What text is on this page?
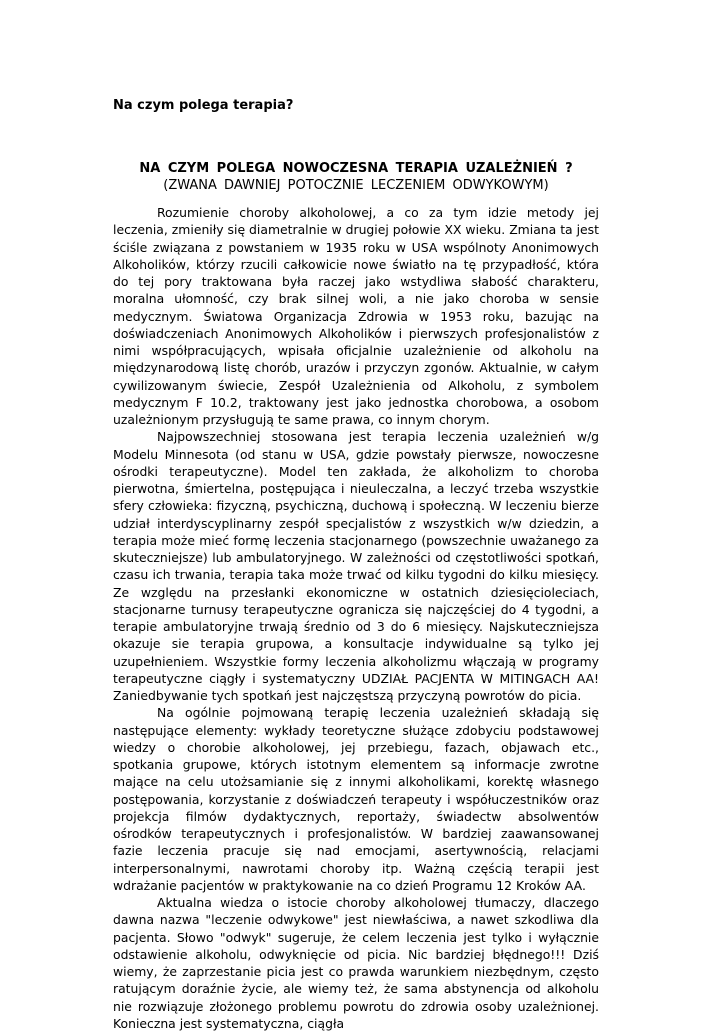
Na czym polega terapia?

NA CZYM POLEGA NOWOCZESNA TERAPIA UZALEŻNIEŃ ?

(ZWANA DAWNIEJ POTOCZNIE LECZENIEM ODWYKOWYM)

Rozumienie choroby alkoholowej, a co za tym idzie metody jej leczenia, zmieniły się diametralnie w drugiej połowie XX wieku. Zmiana ta jest ściśle związana z powstaniem w 1935 roku w USA wspólnoty Anonimowych Alkoholików, którzy rzucili całkowicie nowe światło na tę przypadłość, która do tej pory traktowana była raczej jako wstydliwa słabość charakteru, moralna ułomność, czy brak silnej woli, a nie jako choroba w sensie medycznym. Światowa Organizacja Zdrowia w 1953 roku, bazując na doświadczeniach Anonimowych Alkoholików i pierwszych profesjonalistów z nimi współpracujących, wpisała oficjalnie uzależnienie od alkoholu na międzynarodową listę chorób, urazów i przyczyn zgonów. Aktualnie, w całym cywilizowanym świecie, Zespół Uzależnienia od Alkoholu, z symbolem medycznym F 10.2, traktowany jest jako jednostka chorobowa, a osobom uzależnionym przysługują te same prawa, co innym chorym.

Najpowszechniej stosowana jest terapia leczenia uzależnień w/g Modelu Minnesota (od stanu w USA, gdzie powstały pierwsze, nowoczesne ośrodki terapeutyczne). Model ten zakłada, że alkoholizm to choroba pierwotna, śmiertelna, postępująca i nieuleczalna, a leczyć trzeba wszystkie sfery człowieka: fizyczną, psychiczną, duchową i społeczną. W leczeniu bierze udział interdyscyplinarny zespół specjalistów z wszystkich w/w dziedzin, a terapia może mieć formę leczenia stacjonarnego (powszechnie uważanego za skuteczniejsze) lub ambulatoryjnego. W zależności od częstotliwości spotkań, czasu ich trwania, terapia taka może trwać od kilku tygodni do kilku miesięcy. Ze względu na przesłanki ekonomiczne w ostatnich dziesięcioleciach, stacjonarne turnusy terapeutyczne ogranicza się najczęściej do 4 tygodni, a terapie ambulatoryjne trwają średnio od 3 do 6 miesięcy. Najskuteczniejsza okazuje sie terapia grupowa, a konsultacje indywidualne są tylko jej uzupełnieniem. Wszystkie formy leczenia alkoholizmu włączają w programy terapeutyczne ciągły i systematyczny UDZIAŁ PACJENTA W MITINGACH AA! Zaniedbywanie tych spotkań jest najczęstszą przyczyną powrotów do picia.

Na ogólnie pojmowaną terapię leczenia uzależnień składają się następujące elementy: wykłady teoretyczne służące zdobyciu podstawowej wiedzy o chorobie alkoholowej, jej przebiegu, fazach, objawach etc., spotkania grupowe, których istotnym elementem są informacje zwrotne mające na celu utożsamianie się z innymi alkoholikami, korektę własnego postępowania, korzystanie z doświadczeń terapeuty i współuczestników oraz projekcja filmów dydaktycznych, reportaży, świadectw absolwentów ośrodków terapeutycznych i profesjonalistów. W bardziej zaawansowanej fazie leczenia pracuje się nad emocjami, asertywnością, relacjami interpersonalnymi, nawrotami choroby itp. Ważną częścią terapii jest wdrażanie pacjentów w praktykowanie na co dzień Programu 12 Kroków AA.

Aktualna wiedza o istocie choroby alkoholowej tłumaczy, dlaczego dawna nazwa "leczenie odwykowe" jest niewłaściwa, a nawet szkodliwa dla pacjenta. Słowo "odwyk" sugeruje, że celem leczenia jest tylko i wyłącznie odstawienie alkoholu, odwyknięcie od picia. Nic bardziej błędnego!!! Dziś wiemy, że zaprzestanie picia jest co prawda warunkiem niezbędnym, często ratującym doraźnie życie, ale wiemy też, że sama abstynencja od alkoholu nie rozwiązuje złożonego problemu powrotu do zdrowia osoby uzależnionej. Konieczna jest systematyczna, ciągła
